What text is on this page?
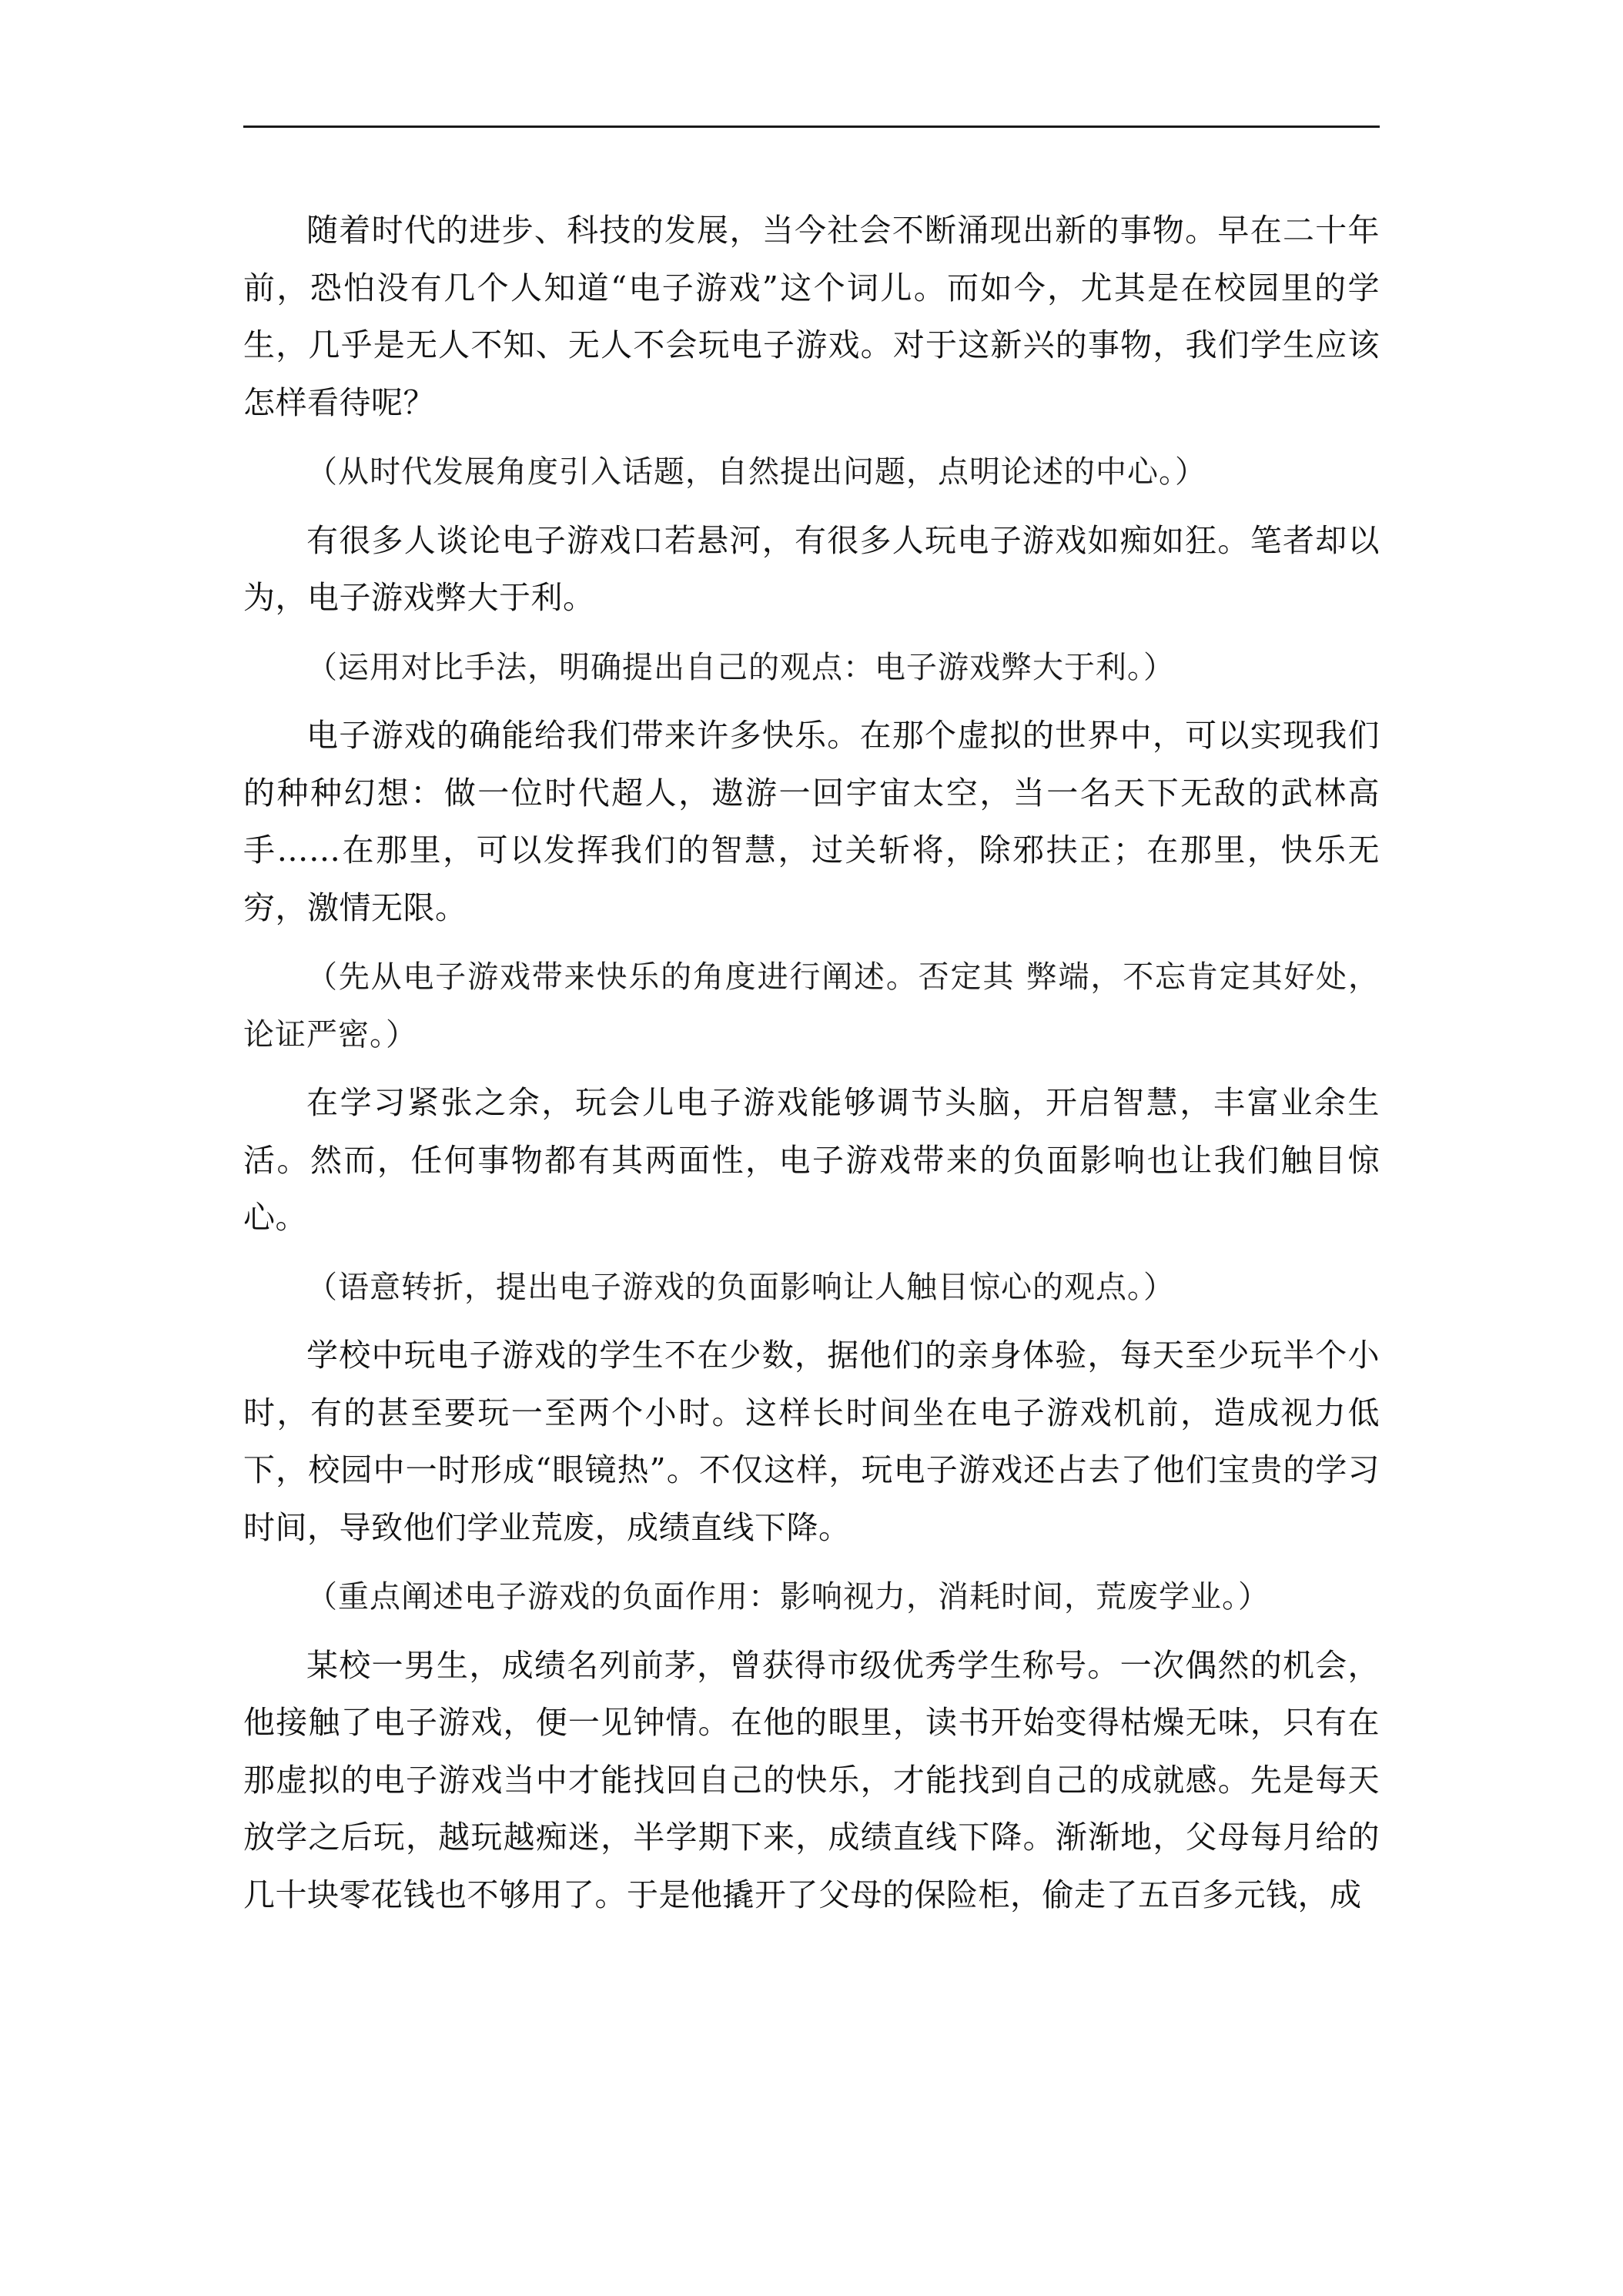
随着时代的进步、科技的发展，当今社会不断涌现出新的事物。早在二十年前，恐怕没有几个人知道“电子游戏”这个词儿。而如今，尤其是在校园里的学生，几乎是无人不知、无人不会玩电子游戏。对于这新兴的事物，我们学生应该怎样看待呢？

（从时代发展角度引入话题，自然提出问题，点明论述的中心。）

有很多人谈论电子游戏口若悬河，有很多人玩电子游戏如痴如狂。笔者却以为，电子游戏弊大于利。

（运用对比手法，明确提出自己的观点：电子游戏弊大于利。）

电子游戏的确能给我们带来许多快乐。在那个虚拟的世界中，可以实现我们的种种幻想：做一位时代超人，遨游一回宇宙太空，当一名天下无敌的武林高手……在那里，可以发挥我们的智慧，过关斩将，除邪扶正；在那里，快乐无穷，激情无限。

（先从电子游戏带来快乐的角度进行阐述。否定其 弊端，不忘肯定其好处，论证严密。）

在学习紧张之余，玩会儿电子游戏能够调节头脑，开启智慧，丰富业余生活。然而，任何事物都有其两面性，电子游戏带来的负面影响也让我们触目惊心。

（语意转折，提出电子游戏的负面影响让人触目惊心的观点。）

学校中玩电子游戏的学生不在少数，据他们的亲身体验，每天至少玩半个小时，有的甚至要玩一至两个小时。这样长时间坐在电子游戏机前，造成视力低下，校园中一时形成“眼镜热”。不仅这样，玩电子游戏还占去了他们宝贵的学习时间，导致他们学业荒废，成绩直线下降。

（重点阐述电子游戏的负面作用：影响视力，消耗时间，荒废学业。）

某校一男生，成绩名列前茅，曾获得市级优秀学生称号。一次偶然的机会，他接触了电子游戏，便一见钟情。在他的眼里，读书开始变得枯燥无味，只有在那虚拟的电子游戏当中才能找回自己的快乐，才能找到自己的成就感。先是每天放学之后玩，越玩越痴迷，半学期下来，成绩直线下降。渐渐地，父母每月给的几十块零花钱也不够用了。于是他撬开了父母的保险柜，偷走了五百多元钱，成
